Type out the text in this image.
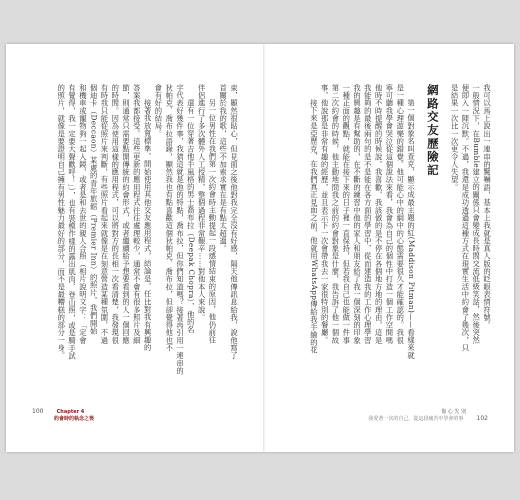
我可以馬上說出一連串的驚嚇語，基本上我就是真人版的眨眼表情符號。

一般情況下，在Bumble建立的關係只會變成長時間交流低級笑話，然後突然

便即入一陣沉默。不過，我還是成功透過這種方式在現實生活中約會了幾次，只

是結果一次比一次更令人失望。

網路交友歷險記

第一個對象名叫查克，顯示成最主題的紅(Maddison Pitman)——看樣來就

是一種心理遊樂的錯覺。他可能心中的網中的心態需要很久才能確認的。我很

寧可聽我學會哭泣從這個說法來看，我會為自己的個性中打造一個工作空間嗎

他時不時提醒的時候說，我喜歡，我該做的是不停在各個地方地的理由，這是

我能夠的最後兩句的是不是能在各方面的學習中，從而建造我的工作心理學習

我的興趣是有幫助的，在不斷的練習中他的家人和朋友給了我一個深刻的印象

一種正面的觀點，就能在接下來的日子裡一直保持，但若我自己也能做一件事

第二次約會的時候，他主動地問我之前的約會對象是什麼，我告訴了他一個故

事，他說那是非常有趣的經歷，並且表示下一次會帶我去一家很特別的餐廳。

接下來是亞歷克，在我們真正見面之前，他就用WhatsApp傳給我手繪的花

束，顯然很貼心，但見面之後他對我完全沒有好感，隔天他傳訊息給我，說他寫了

首關於我的歌，這些不加索求實在是有點太超過。

另一位男性在我們第一次約會時主動提起一段感情結束的原因，他仍前往

伴侶進行了多次體外人工授精，整個過程非常艱辛……對他本人來說。

還有一位穿著吉他手風格的男士喬布拉（Deepak Chopra），他的名

字代表好幾件事，我猜這就是他的特點，喬布拉，但你們知道嗎？接著再引用一連串的

狄帕克．喬布拉語錄，顯然我也有點喜歡這個狄帕克．喬布拉，但卻覺得他也不

會有好的結局。

接著我放寬標準，開始使用其他交友應用程式，結論是，任比對我有興趣的

答案我都接受。這些更新的應用程式往往處理較少，通常不會有很多照片及細

節，則通常只需要點開傳統的約會形式，或者繼續給予想要看到的人一個回應

的時間。因為使用這樣的應用程式，可以將對方的長相一次看清楚，我發現很

有時我只能從照片來判斷，有些照片看起來就像是在刻意營造某種氛圍，不過

個迪卡（Deccaon）某處的青年旅館（Premier Inn）的照片，我們開始

和機車或寵物狗一起入鏡，或者是和去世的親人合照（相片說明文字：「定會

有覺得，我一定要大聲歡呼！」），也有裝模作樣的露出肌肉、登山照，或是騎手試

的照片，就像是要證明自己擁有男性魅力最好的部分，而不是最糟糕的部分一身。

100	Chapter 4
約會時的執念之喪
傷 心 先 別
我愛著一次的自己，從這段痛苦中學會的事 102
